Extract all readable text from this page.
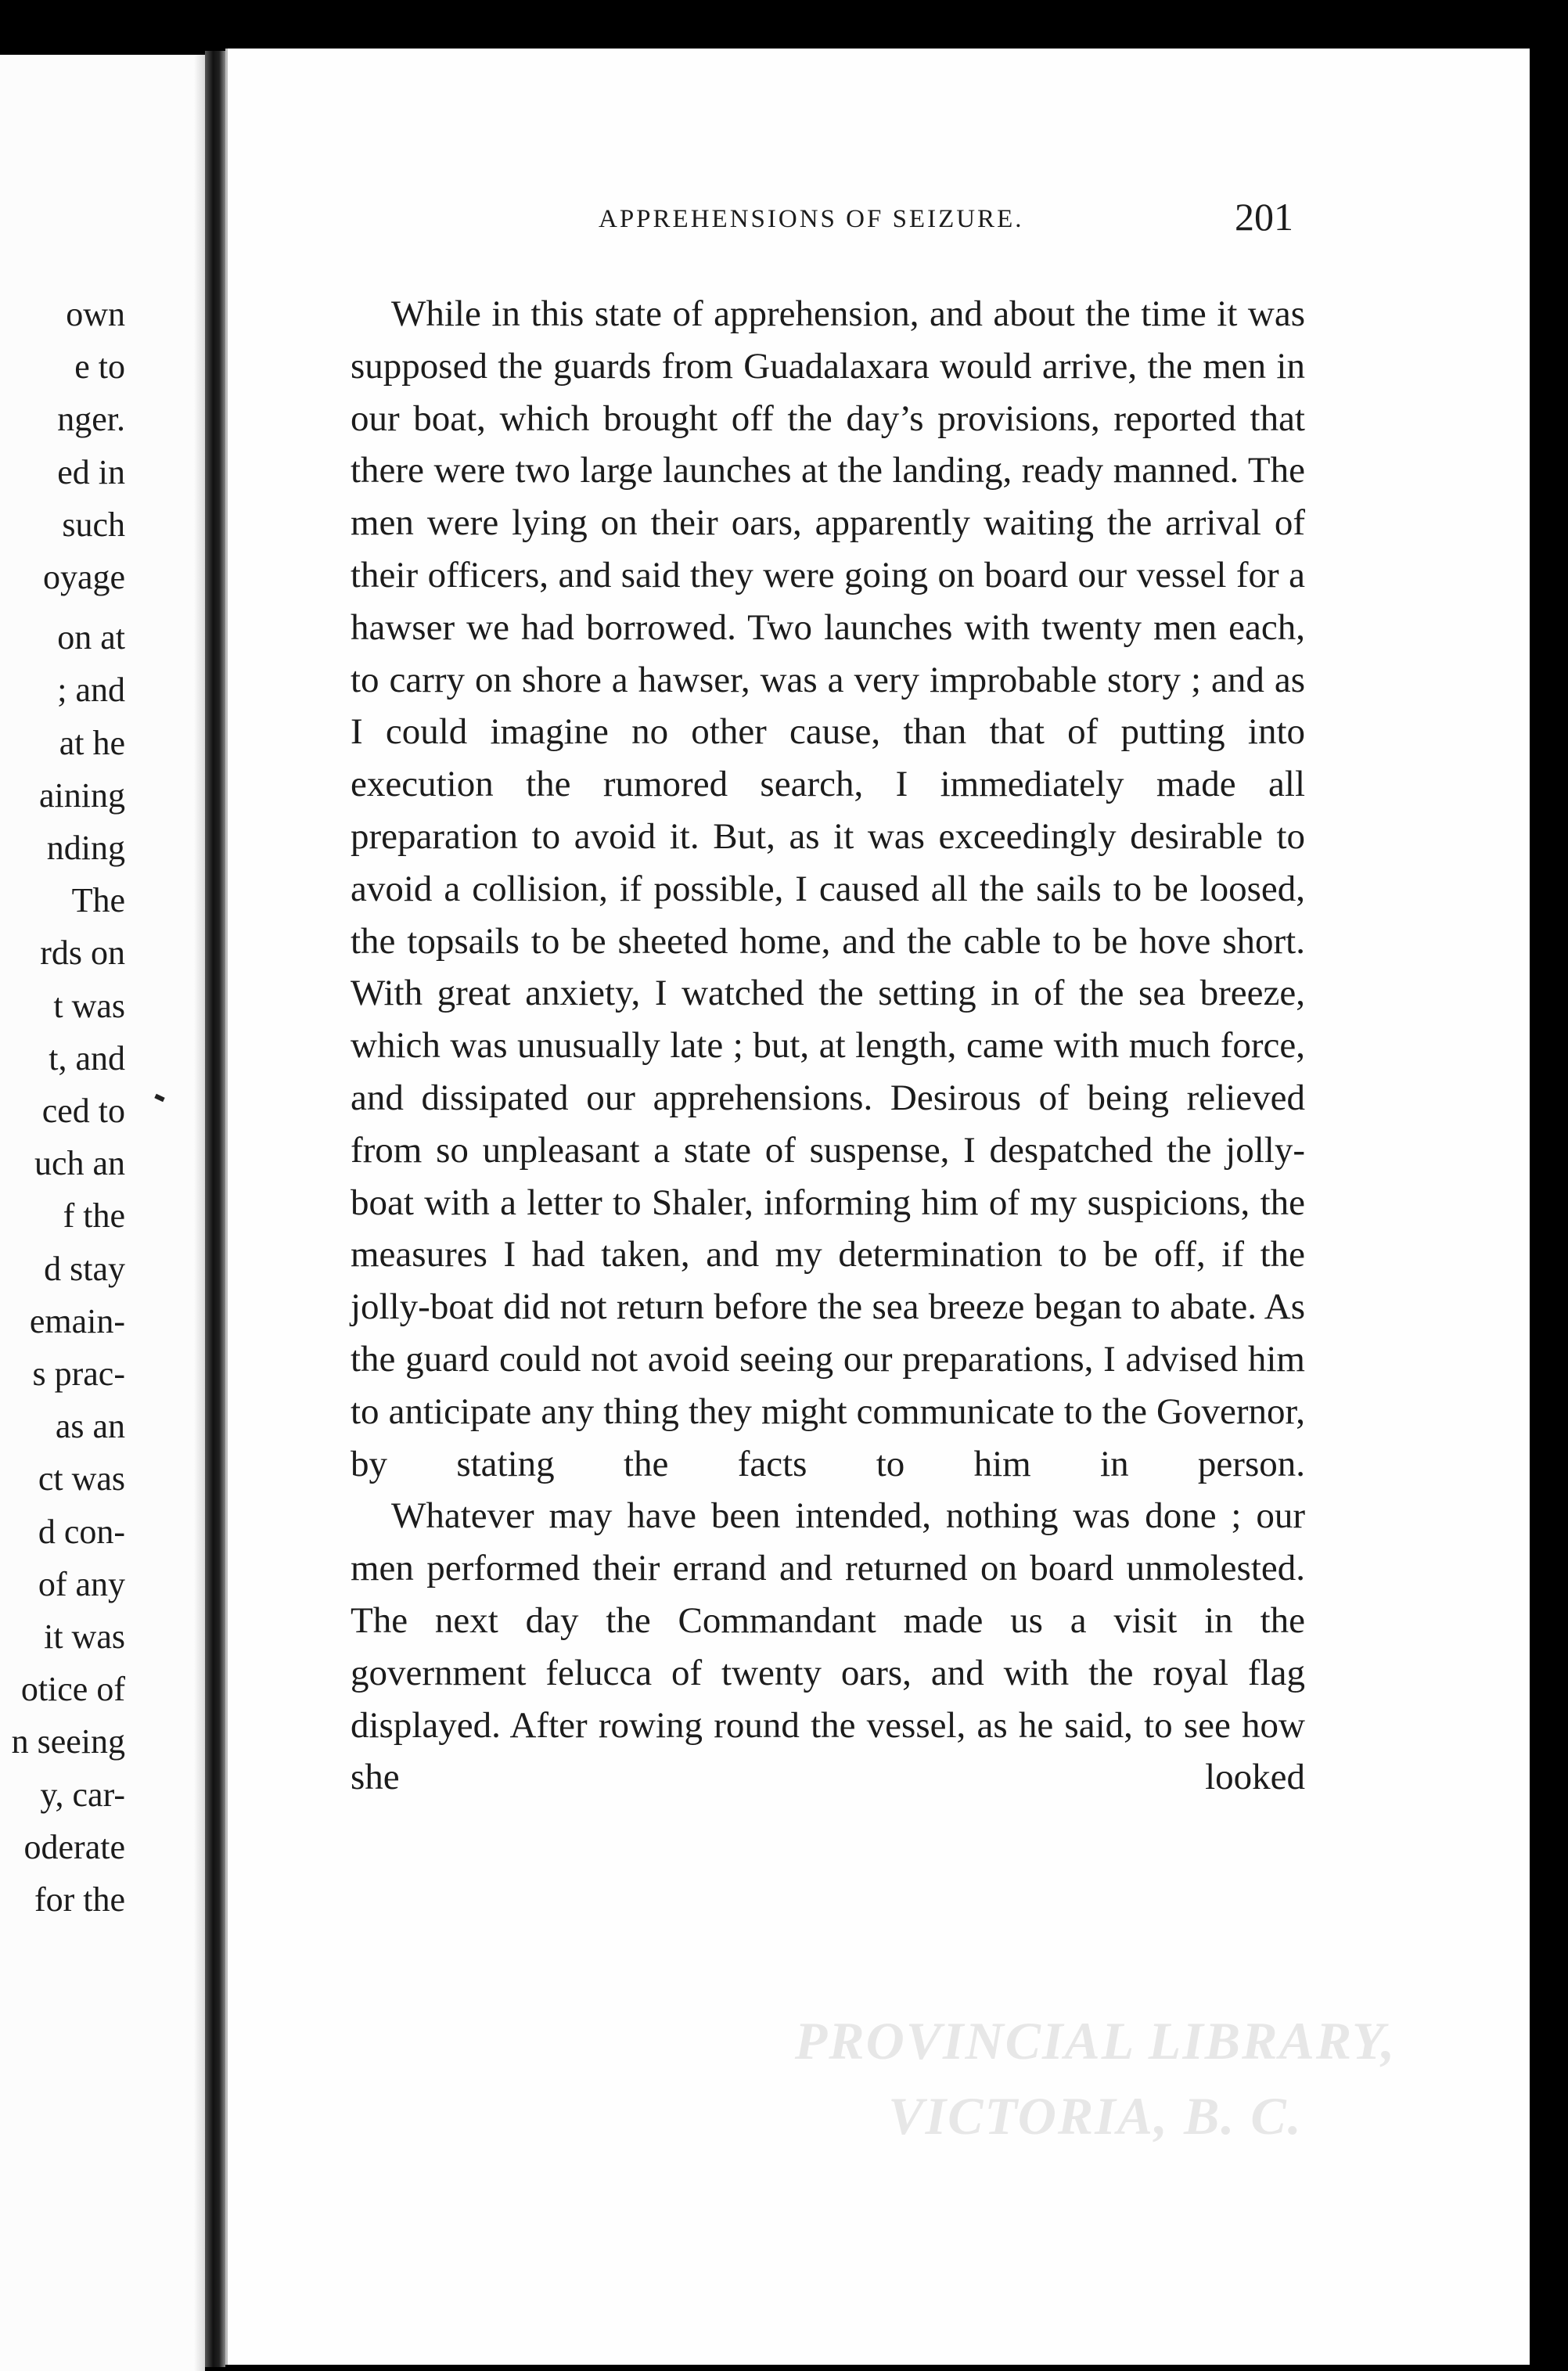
own
e to
nger.
ed in
such
oyage
on at
; and
at he
aining
nding
The
rds on
t was
t, and
ced to
uch an
f the
d stay
emain-
s prac-
as an
ct was
d con-
of any
it was
otice of
n seeing
y, car-
oderate
for the
APPREHENSIONS OF SEIZURE.	201

While in this state of apprehension, and about the time it was supposed the guards from Guadalaxara would arrive, the men in our boat, which brought off the day’s provisions, reported that there were two large launches at the landing, ready manned. The men were lying on their oars, apparently waiting the arrival of their officers, and said they were going on board our vessel for a hawser we had borrowed. Two launches with twenty men each, to carry on shore a hawser, was a very improbable story ; and as I could imagine no other cause, than that of putting into execution the rumored search, I immediately made all preparation to avoid it. But, as it was exceedingly desirable to avoid a collision, if possible, I caused all the sails to be loosed, the topsails to be sheeted home, and the cable to be hove short. With great anxiety, I watched the setting in of the sea breeze, which was unusually late ; but, at length, came with much force, and dissipated our apprehensions. Desirous of being relieved from so unpleasant a state of suspense, I despatched the jolly-boat with a letter to Shaler, informing him of my suspicions, the measures I had taken, and my determination to be off, if the jolly-boat did not return before the sea breeze began to abate. As the guard could not avoid seeing our preparations, I advised him to anticipate any thing they might communicate to the Governor, by stating the facts to him in person.

Whatever may have been intended, nothing was done ; our men performed their errand and returned on board unmolested. The next day the Commandant made us a visit in the government felucca of twenty oars, and with the royal flag displayed. After rowing round the vessel, as he said, to see how she looked

PROVINCIAL LIBRARY,
VICTORIA, B. C.
